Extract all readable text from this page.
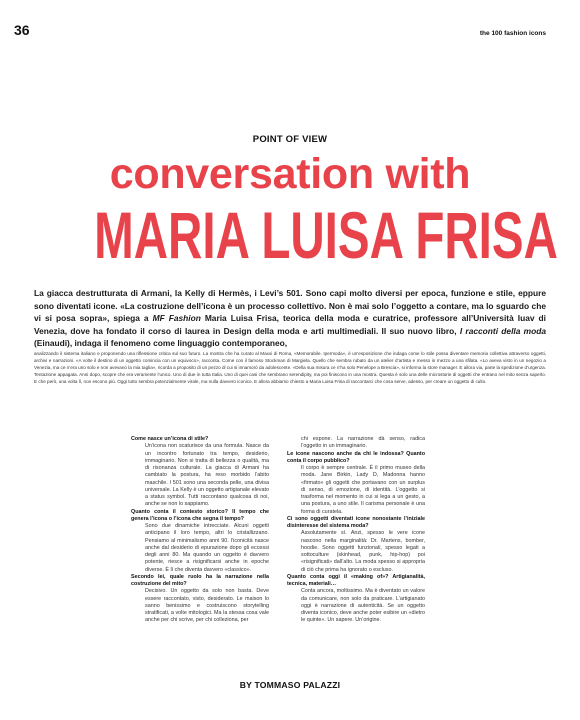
36	the 100 fashion icons
POINT OF VIEW
conversation with
MARIA LUISA FRISA

La giacca destrutturata di Armani, la Kelly di Hermès, i Levi’s 501. Sono capi molto diversi per epoca, funzione e stile, eppure sono diventati icone. «La costruzione dell’icona è un processo collettivo. Non è mai solo l’oggetto a contare, ma lo sguardo che vi si posa sopra», spiega a MF Fashion Maria Luisa Frisa, teorica della moda e curatrice, professore all’Università Iuav di Venezia, dove ha fondato il corso di laurea in Design della moda e arti multimediali. Il suo nuovo libro, I racconti della moda (Einaudi), indaga il fenomeno come linguaggio contemporaneo,

analizzando il sistema italiano e proponendo una riflessione critica sul suo futuro. La mostra che ha curato al Maxxi di Roma, «Memorabile. Ipermoda», è un’esposizione che indaga come lo stile possa diventare memoria collettiva attraverso oggetti, archivi e narrazioni. «A volte il destino di un oggetto comincia con un equivoco», racconta. Come con il famoso Stockman di Margiela. Quello che sembra rubato da un atelier d’artista e messo in mezzo a una sfilata. «Lo aveva visto in un negozio a Venezia, ma ce n’era uno solo e non avevano la mia taglia», ricorda a proposito di un pezzo di cui si innamorò da adolescente. «Della sua misura ce n’ha solo Penelope a Brescia», si informa la store manager. E allora via, parte la spedizione d’urgenza. Tentazione appagata. Anni dopo, scopre che era veramente l’unico. Uno di due in tutta Italia. Uno di quei casi che sembrano serendipity, ma poi finiscono in una mostra. Questa è solo una delle microstorie di oggetti che entrano nel mito senza saperlo. E che però, una volta lì, non escono più. Oggi tutto sembra potenzialmente virale, ma nulla davvero iconico. E allora abbiamo chiesto a Maria Luisa Frisa di raccontarci che cosa serve, adesso, per creare un oggetto di culto.

Come nasce un’icona di stile?
Un’icona non scaturisce da una formula. Nasce da un incontro fortunato tra tempo, desiderio, immaginario. Non si tratta di bellezza o qualità, ma di risonanza culturale. La giacca di Armani ha cambiato la postura, ha reso morbido l’abito maschile. I 501 sono una seconda pelle, una divisa universale. La Kelly è un oggetto artigianale elevato a status symbol. Tutti raccontano qualcosa di noi, anche se non lo sappiamo.
Quanto conta il contesto storico? Il tempo che genera l’icona o l’icona che segna il tempo?
Sono due dinamiche intrecciate. Alcuni oggetti anticipano il loro tempo, altri lo cristallizzano. Pensiamo al minimalismo anni 90. l’iconicità nasce anche dal desiderio di epurazione dopo gli eccessi degli anni 80. Ma quando un oggetto è davvero potente, riesce a risignificarsi anche in epoche diverse. È lì che diventa davvero «classico».
Secondo lei, quale ruolo ha la narrazione nella costruzione del mito?
Decisivo. Un oggetto da solo non basta. Deve essere raccontato, visto, desiderato. Le maison lo sanno benissimo e costruiscono storytelling stratificati, a volte mitologici. Ma la stessa cosa vale anche per chi scrive, per chi colleziona, per
chi espone. La narrazione dà senso, radica l’oggetto in un immaginario.
Le icone nascono anche da chi le indossa? Quanto conta il corpo pubblico?
Il corpo è sempre centrale. È il primo museo della moda. Jane Birkin, Lady D, Madonna hanno «firmato» gli oggetti che portavano con un surplus di senso, di emozione, di identità. L’oggetto si trasforma nel momento in cui si lega a un gesto, a una postura, a uno stile. Il carisma personale è una forma di curatela.
Ci sono oggetti diventati icone nonostante l’iniziale disinteresse del sistema moda?
Assolutamente sì. Anzi, spesso le vere icone nascono nella marginalità: Dr. Martens, bomber, hoodie. Sono oggetti funzionali, spesso legati a sottoculture (skinhead, punk, hip-hop) poi «risignificati» dall’alto. La moda spesso si appropria di ciò che prima ha ignorato o escluso.
Quanto conta oggi il «making of»? Artigianalità, tecnica, materiali…
Conta ancora, moltissimo. Ma è diventato un valore da comunicare, non solo da praticare. L’artigianato oggi è narrazione di autenticità. Se un oggetto diventa iconico, deve anche poter esibire un «dietro le quinte». Un sapere. Un’origine.
BY TOMMASO PALAZZI
